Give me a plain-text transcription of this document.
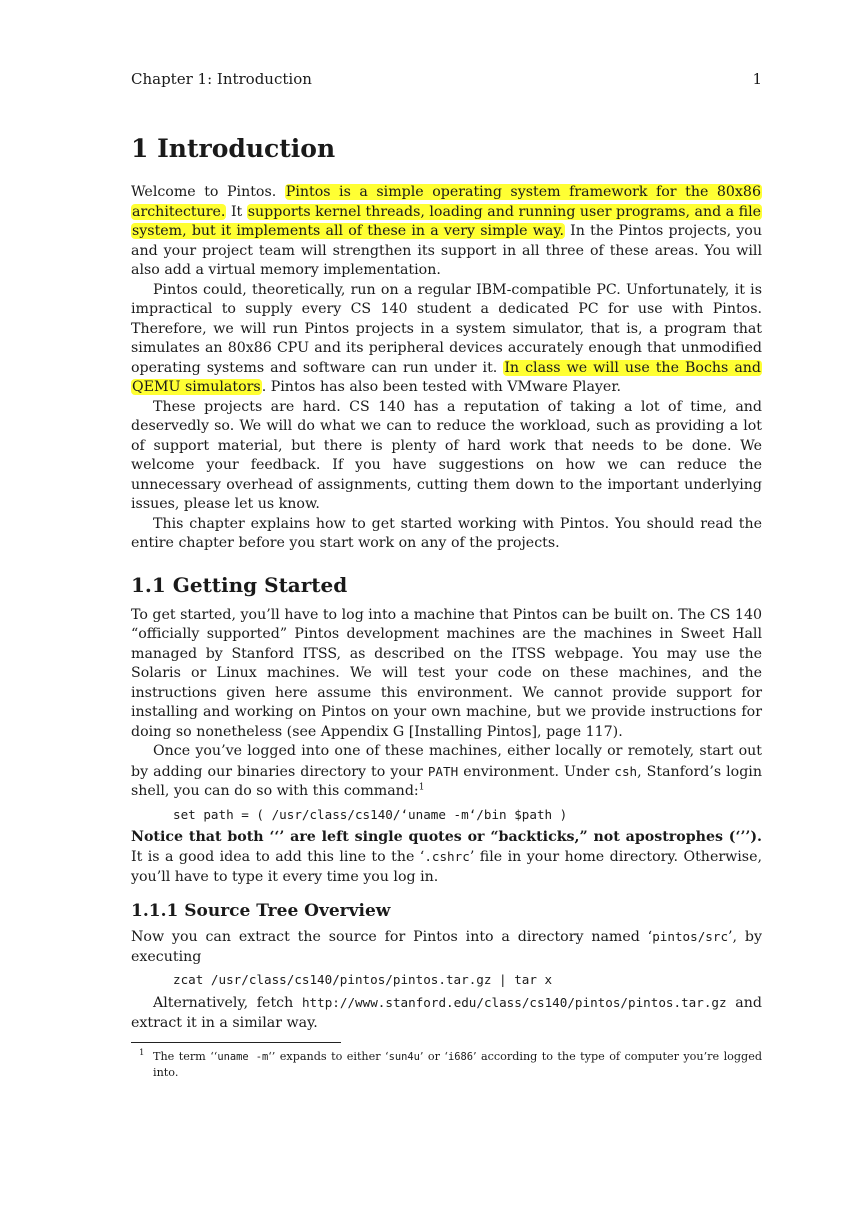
Chapter 1: Introduction	1
1 Introduction

Welcome to Pintos. Pintos is a simple operating system framework for the 80x86 architecture. It supports kernel threads, loading and running user programs, and a file system, but it implements all of these in a very simple way. In the Pintos projects, you and your project team will strengthen its support in all three of these areas. You will also add a virtual memory implementation.

Pintos could, theoretically, run on a regular IBM-compatible PC. Unfortunately, it is impractical to supply every CS 140 student a dedicated PC for use with Pintos. Therefore, we will run Pintos projects in a system simulator, that is, a program that simulates an 80x86 CPU and its peripheral devices accurately enough that unmodified operating systems and software can run under it. In class we will use the Bochs and QEMU simulators. Pintos has also been tested with VMware Player.

These projects are hard. CS 140 has a reputation of taking a lot of time, and deservedly so. We will do what we can to reduce the workload, such as providing a lot of support material, but there is plenty of hard work that needs to be done. We welcome your feedback. If you have suggestions on how we can reduce the unnecessary overhead of assignments, cutting them down to the important underlying issues, please let us know.

This chapter explains how to get started working with Pintos. You should read the entire chapter before you start work on any of the projects.

1.1 Getting Started

To get started, you’ll have to log into a machine that Pintos can be built on. The CS 140 “officially supported” Pintos development machines are the machines in Sweet Hall managed by Stanford ITSS, as described on the ITSS webpage. You may use the Solaris or Linux machines. We will test your code on these machines, and the instructions given here assume this environment. We cannot provide support for installing and working on Pintos on your own machine, but we provide instructions for doing so nonetheless (see Appendix G [Installing Pintos], page 117).

Once you’ve logged into one of these machines, either locally or remotely, start out by adding our binaries directory to your PATH environment. Under csh, Stanford’s login shell, you can do so with this command:$^1$

set path = ( /usr/class/cs140/‘uname -m‘/bin $path )

Notice that both ‘‘’ are left single quotes or “backticks,” not apostrophes (‘’’). It is a good idea to add this line to the ‘.cshrc’ file in your home directory. Otherwise, you’ll have to type it every time you log in.

1.1.1 Source Tree Overview

Now you can extract the source for Pintos into a directory named ‘pintos/src’, by executing

zcat /usr/class/cs140/pintos/pintos.tar.gz | tar x

Alternatively, fetch http://www.stanford.edu/class/cs140/pintos/pintos.tar.gz and extract it in a similar way.

1 The term ‘‘uname -m‘’ expands to either ‘sun4u’ or ‘i686’ according to the type of computer you’re logged into.
